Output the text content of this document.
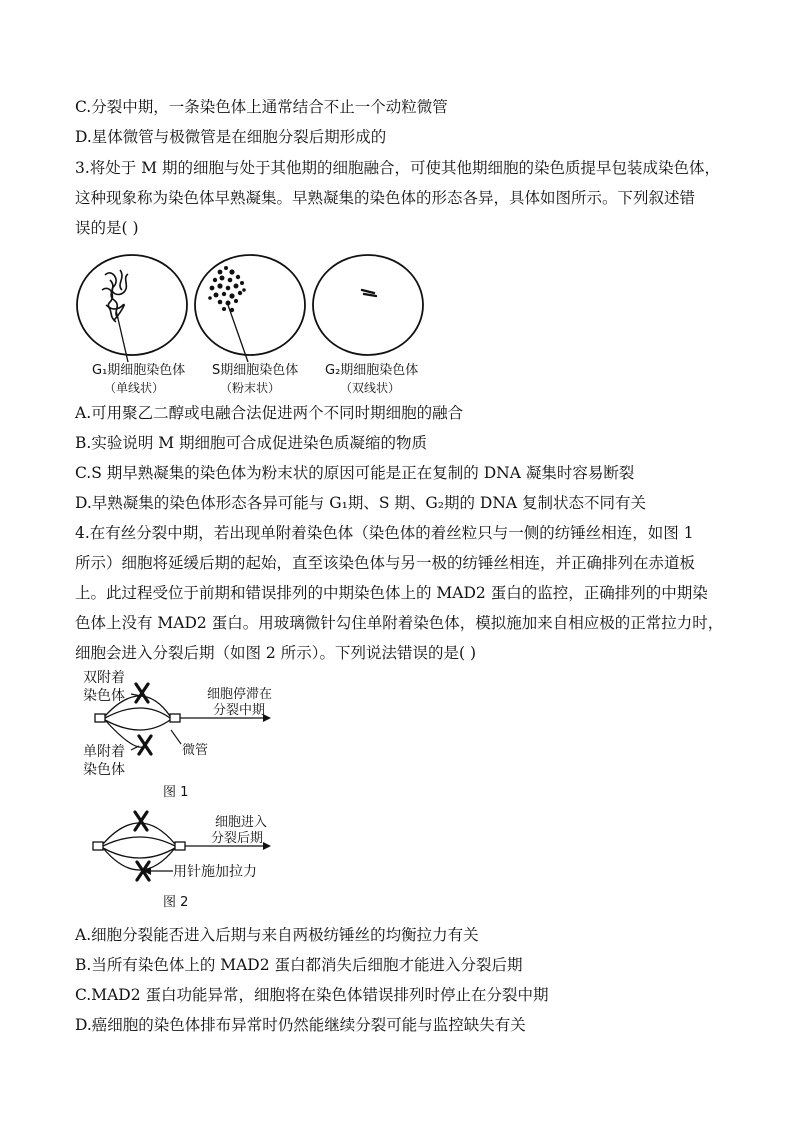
C.分裂中期，一条染色体上通常结合不止一个动粒微管
D.星体微管与极微管是在细胞分裂后期形成的
3.将处于 M 期的细胞与处于其他期的细胞融合，可使其他期细胞的染色质提早包装成染色体，
这种现象称为染色体早熟凝集。早熟凝集的染色体的形态各异，具体如图所示。下列叙述错
误的是( )
G₁期细胞染色体
（单线状）
S期细胞染色体
（粉末状）
G₂期细胞染色体
（双线状）
A.可用聚乙二醇或电融合法促进两个不同时期细胞的融合
B.实验说明 M 期细胞可合成促进染色质凝缩的物质
C.S 期早熟凝集的染色体为粉末状的原因可能是正在复制的 DNA 凝集时容易断裂
D.早熟凝集的染色体形态各异可能与 G₁期、S 期、G₂期的 DNA 复制状态不同有关
4.在有丝分裂中期，若出现单附着染色体（染色体的着丝粒只与一侧的纺锤丝相连，如图 1
所示）细胞将延缓后期的起始，直至该染色体与另一极的纺锤丝相连，并正确排列在赤道板
上。此过程受位于前期和错误排列的中期染色体上的 MAD2 蛋白的监控，正确排列的中期染
色体上没有 MAD2 蛋白。用玻璃微针勾住单附着染色体，模拟施加来自相应极的正常拉力时，
细胞会进入分裂后期（如图 2 所示）。下列说法错误的是( )
双附着
染色体
单附着
染色体
细胞停滞在
分裂中期
微管
图 1
用针施加拉力
细胞进入
分裂后期
图 2
A.细胞分裂能否进入后期与来自两极纺锤丝的均衡拉力有关
B.当所有染色体上的 MAD2 蛋白都消失后细胞才能进入分裂后期
C.MAD2 蛋白功能异常，细胞将在染色体错误排列时停止在分裂中期
D.癌细胞的染色体排布异常时仍然能继续分裂可能与监控缺失有关
